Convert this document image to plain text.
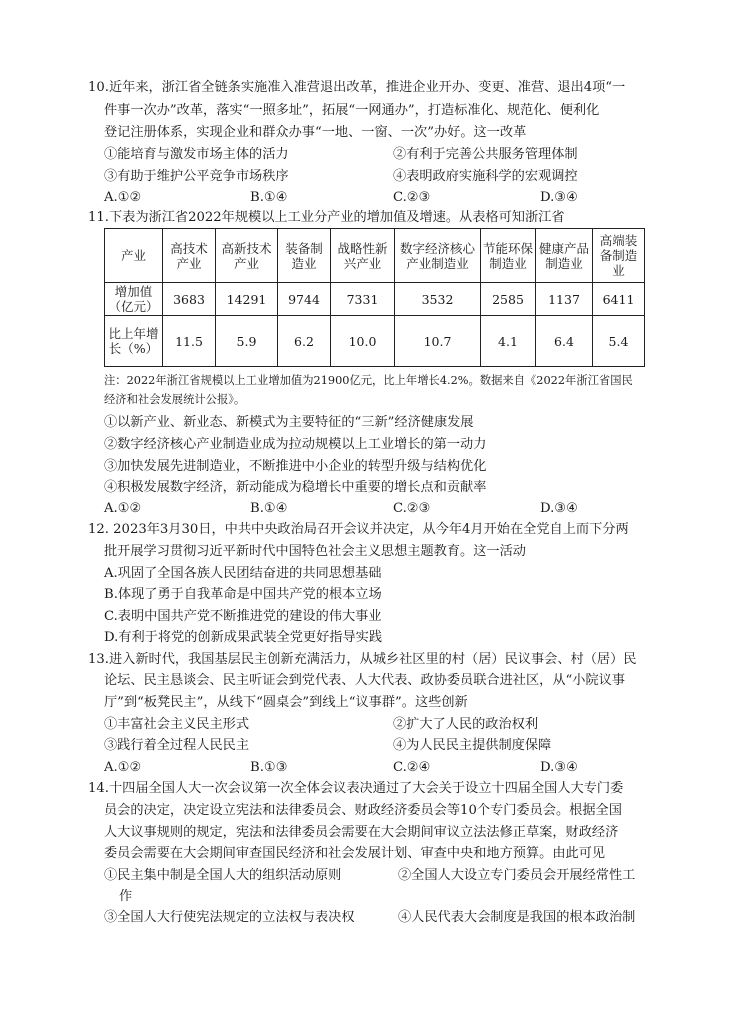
10.近年来，浙江省全链条实施准入准营退出改革，推进企业开办、变更、准营、退出4项“一
件事一次办”改革，落实“一照多址”，拓展“一网通办”，打造标准化、规范化、便利化
登记注册体系，实现企业和群众办事“一地、一窗、一次”办好。这一改革
①能培育与激发市场主体的活力	②有利于完善公共服务管理体制
③有助于维护公平竞争市场秩序	④表明政府实施科学的宏观调控
A.①②	B.①④	C.②③	D.③④
11.下表为浙江省2022年规模以上工业分产业的增加值及增速。从表格可知浙江省
产业	高技术产业	高新技术产业	装备制造业	战略性新兴产业	数字经济核心产业制造业	节能环保制造业	健康产品制造业	高端装备制造业
增加值（亿元）	3683	14291	9744	7331	3532	2585	1137	6411
比上年增长（%）	11.5	5.9	6.2	10.0	10.7	4.1	6.4	5.4
注：2022年浙江省规模以上工业增加值为21900亿元，比上年增长4.2%。数据来自《2022年浙江省国民
经济和社会发展统计公报》。
①以新产业、新业态、新模式为主要特征的“三新”经济健康发展
②数字经济核心产业制造业成为拉动规模以上工业增长的第一动力
③加快发展先进制造业，不断推进中小企业的转型升级与结构优化
④积极发展数字经济，新动能成为稳增长中重要的增长点和贡献率
A.①②	B.①④	C.②③	D.③④
12. 2023年3月30日，中共中央政治局召开会议并决定，从今年4月开始在全党自上而下分两
批开展学习贯彻习近平新时代中国特色社会主义思想主题教育。这一活动
A.巩固了全国各族人民团结奋进的共同思想基础
B.体现了勇于自我革命是中国共产党的根本立场
C.表明中国共产党不断推进党的建设的伟大事业
D.有利于将党的创新成果武装全党更好指导实践
13.进入新时代，我国基层民主创新充满活力，从城乡社区里的村（居）民议事会、村（居）民
论坛、民主恳谈会、民主听证会到党代表、人大代表、政协委员联合进社区，从“小院议事
厅”到“板凳民主”，从线下“圆桌会”到线上“议事群”。这些创新
①丰富社会主义民主形式	②扩大了人民的政治权利
③践行着全过程人民民主	④为人民民主提供制度保障
A.①②	B.①③	C.②④	D.③④
14.十四届全国人大一次会议第一次全体会议表决通过了大会关于设立十四届全国人大专门委
员会的决定，决定设立宪法和法律委员会、财政经济委员会等10个专门委员会。根据全国
人大议事规则的规定，宪法和法律委员会需要在大会期间审议立法法修正草案，财政经济
委员会需要在大会期间审查国民经济和社会发展计划、审查中央和地方预算。由此可见
①民主集中制是全国人大的组织活动原则	②全国人大设立专门委员会开展经常性工
作
③全国人大行使宪法规定的立法权与表决权	④人民代表大会制度是我国的根本政治制
